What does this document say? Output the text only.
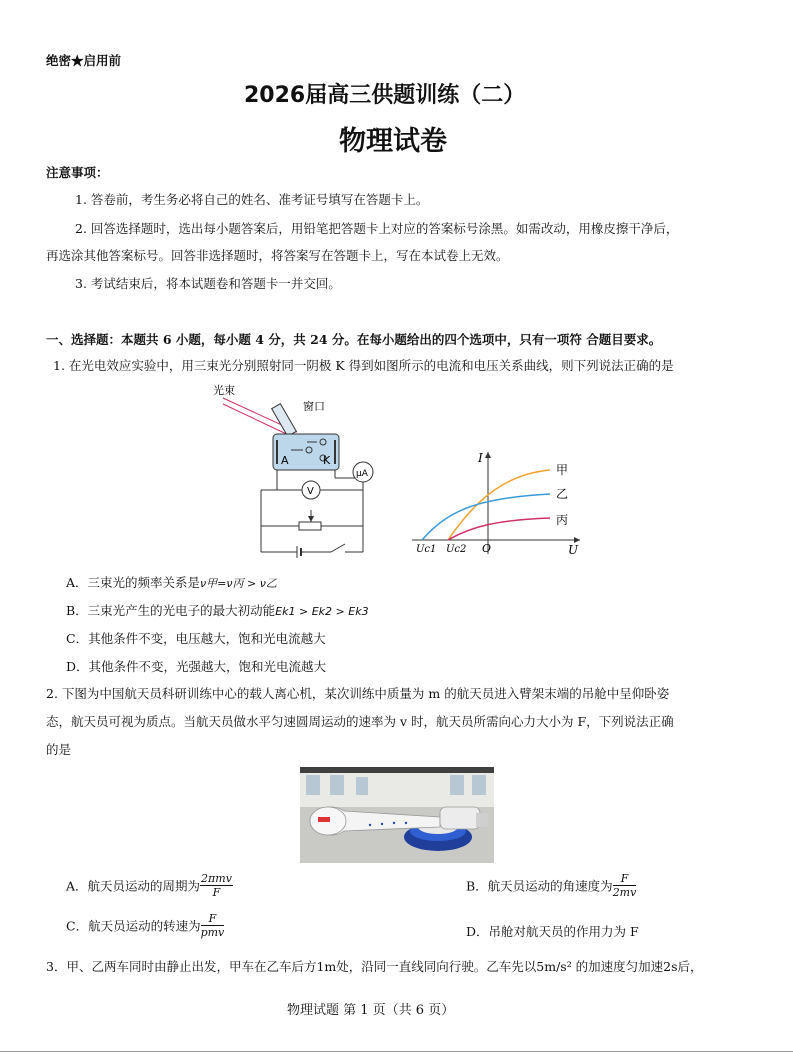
绝密★启用前
2026届高三供题训练（二）
物理试卷
注意事项：
1. 答卷前，考生务必将自己的姓名、准考证号填写在答题卡上。
2. 回答选择题时，选出每小题答案后，用铅笔把答题卡上对应的答案标号涂黑。如需改动，用橡皮擦干净后，
再选涂其他答案标号。回答非选择题时，将答案写在答题卡上，写在本试卷上无效。
3. 考试结束后，将本试题卷和答题卡一并交回。
一、选择题：本题共 6 小题，每小题 4 分，共 24 分。在每小题给出的四个选项中，只有一项符 合题目要求。
1. 在光电效应实验中，用三束光分别照射同一阴极 K 得到如图所示的电流和电压关系曲线，则下列说法正确的是
光束
窗口
A	K
μA
V
I
U
O
Uc1 Uc2
甲
乙
丙
A．三束光的频率关系是ν甲=ν丙 > ν乙
B．三束光产生的光电子的最大初动能Ek1 > Ek2 > Ek3
C．其他条件不变，电压越大，饱和光电流越大
D．其他条件不变，光强越大，饱和光电流越大
2. 下图为中国航天员科研训练中心的载人离心机，某次训练中质量为 m 的航天员进入臂架末端的吊舱中呈仰卧姿
态，航天员可视为质点。当航天员做水平匀速圆周运动的速率为 v 时，航天员所需向心力大小为 F，下列说法正确
的是
A．航天员运动的周期为 $\frac{\text{2πmv}}{F}$	B．航天员运动的角速度为 $\frac{F}{2mv}$
C．航天员运动的转速为 $\frac{F}{\text{pmv}}$	D．吊舱对航天员的作用力为 F
3．甲、乙两车同时由静止出发，甲车在乙车后方1m处，沿同一直线同向行驶。乙车先以5m/s² 的加速度匀加速2s后，
物理试题 第 1 页（共 6 页）
